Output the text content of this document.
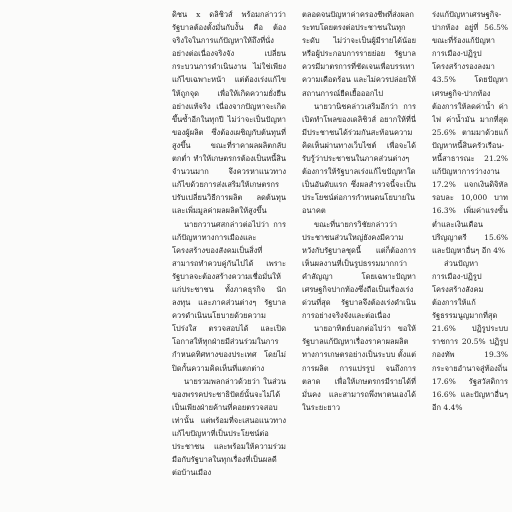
ดิชน x ดลิชิวส์ พร้อมกล่าวว่า รัฐบาลต้องตั้งมั่นกับงั้น คือ ต้องจริงใจในการแก้ปัญหาให้ถึงที่นั่งอย่างต่อเนื่องจริงจัง เปลี่ยนกระบวนการดำเนินงาน ไม่ใช่เพียงแก้ไขเฉพาะหน้า แต่ต้องเร่งแก้ไขให้ถูกจุด เพื่อให้เกิดความยั่งยืนอย่างแท้จริง เนื่องจากปัญหาจะเกิดขึ้นซ้ำอีกในทุกปี ไม่ว่าจะเป็นปัญหาของผู้ผลิต ซึ่งต้องเผชิญกับต้นทุนที่สูงขึ้น ขณะที่ราคาผลผลิตกลับตกต่ำ ทำให้เกษตรกรต้องเป็นหนี้สินจำนวนมาก จึงควรหาแนวทางแก้ไขด้วยการส่งเสริมให้เกษตรกรปรับเปลี่ยนวิธีการผลิต ลดต้นทุน และเพิ่มมูลค่าผลผลิตให้สูงขึ้น

นายกวานศสกล่าวต่อไปว่า การแก้ปัญหาทางการเมืองและโครงสร้างของสังคมเป็นสิ่งที่สามารถทำควบคู่กันไปได้ เพราะรัฐบาลจะต้องสร้างความเชื่อมั่นให้แก่ประชาชน ทั้งภาคธุรกิจ นักลงทุน และภาคส่วนต่างๆ รัฐบาลควรดำเนินนโยบายด้วยความโปร่งใส ตรวจสอบได้ และเปิดโอกาสให้ทุกฝ่ายมีส่วนร่วมในการกำหนดทิศทางของประเทศ โดยไม่ปิดกั้นความคิดเห็นที่แตกต่าง

นายรวมพลกล่าวด้วยว่า ในส่วนของพรรคประชาธิปัตย์นั้นจะไม่ได้เป็นเพียงฝ่ายค้านที่คอยตรวจสอบเท่านั้น แต่พร้อมที่จะเสนอแนวทางแก้ไขปัญหาที่เป็นประโยชน์ต่อประชาชน และพร้อมให้ความร่วมมือกับรัฐบาลในทุกเรื่องที่เป็นผลดีต่อบ้านเมือง

ตลอดจนปัญหาค่าครองชีพที่ส่งผลกระทบโดยตรงต่อประชาชนในทุกระดับ ไม่ว่าจะเป็นผู้มีรายได้น้อย หรือผู้ประกอบการรายย่อย รัฐบาลควรมีมาตรการที่ชัดเจนเพื่อบรรเทาความเดือดร้อน และไม่ควรปล่อยให้สถานการณ์ยืดเยื้อออกไป

นายวานิชคล่าวเสริมอีกว่า การเปิดทำโพลของเดลิชิวส์ อยากให้ที่นี่มีประชาชนได้ร่วมกันสะท้อนความคิดเห็นผ่านทางเว็บไซต์ เพื่อจะได้รับรู้ว่าประชาชนในภาคส่วนต่างๆ ต้องการให้รัฐบาลเร่งแก้ไขปัญหาใดเป็นอันดับแรก ซึ่งผลสำรวจนี้จะเป็นประโยชน์ต่อการกำหนดนโยบายในอนาคต

ขณะที่นายกรวิชัยกล่าวว่า ประชาชนส่วนใหญ่ยังคงมีความหวังกับรัฐบาลชุดนี้ แต่ก็ต้องการเห็นผลงานที่เป็นรูปธรรมมากกว่าคำสัญญา โดยเฉพาะปัญหาเศรษฐกิจปากท้องซึ่งถือเป็นเรื่องเร่งด่วนที่สุด รัฐบาลจึงต้องเร่งดำเนินการอย่างจริงจังและต่อเนื่อง

นายอาทิตย์บอกต่อไปว่า ขอให้รัฐบาลแก้ปัญหาเรื่องราคาผลผลิตทางการเกษตรอย่างเป็นระบบ ตั้งแต่การผลิต การแปรรูป จนถึงการตลาด เพื่อให้เกษตรกรมีรายได้ที่มั่นคง และสามารถพึ่งพาตนเองได้ในระยะยาว

ร่งแก้ปัญหาเศรษฐกิจ-ปากท้อง อยู่ที่ 56.5% ขณะที่ร้องแก้ปัญหาการเมือง-ปฏิรูปโครงสร้างรองลงมา 43.5% โดยปัญหาเศรษฐกิจ-ปากท้อง ต้องการให้ลดค่าน้ำ ค่าไฟ ค่าน้ำมัน มากที่สุด 25.6% ตามมาด้วยแก้ปัญหาหนี้สินครัวเรือน-หนี้สาธารณะ 21.2% แก้ปัญหาการว่างงาน 17.2% แจกเงินดิจิทัลรอบละ 10,000 บาท 16.3% เพิ่มค่าแรงขั้นต่ำและเงินเดือนปริญญาตรี 15.6% และปัญหาอื่นๆ อีก 4%

ส่วนปัญหาการเมือง-ปฏิรูปโครงสร้างสังคม ต้องการให้แก้รัฐธรรมนูญมากที่สุด 21.6% ปฏิรูประบบราชการ 20.5% ปฏิรูปกองทัพ 19.3% กระจายอำนาจสู่ท้องถิ่น 17.6% รัฐสวัสดิการ 16.6% และปัญหาอื่นๆ อีก 4.4%
